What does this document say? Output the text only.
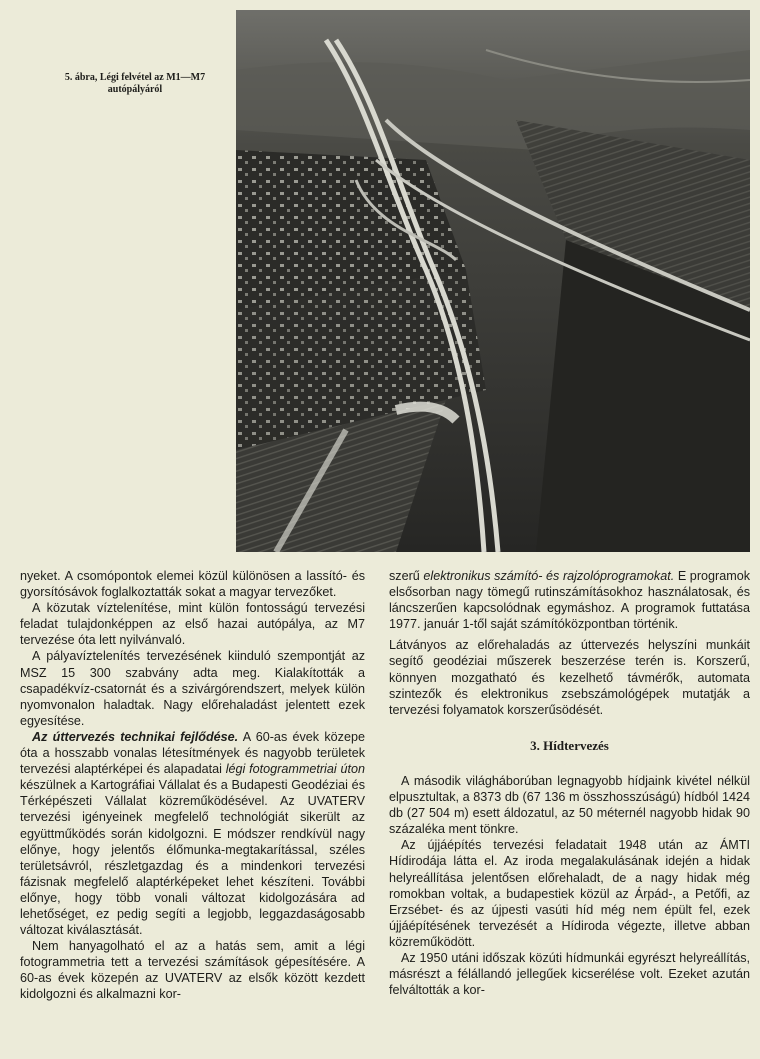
5. ábra, Légi felvétel az M1—M7
autópályáról

nyeket. A csomópontok elemei közül különösen a lassító- és gyorsítósávok foglalkoztatták sokat a magyar tervezőket.

A közutak víztelenítése, mint külön fontosságú tervezési feladat tulajdonképpen az első hazai autópálya, az M7 tervezése óta lett nyilvánvaló.

A pályavíztelenítés tervezésének kiinduló szempontját az MSZ 15 300 szabvány adta meg. Kialakították a csapadékvíz-csatornát és a szivárgórendszert, melyek külön nyomvonalon haladtak. Nagy előrehaladást jelentett ezek egyesítése.

Az úttervezés technikai fejlődése. A 60-as évek közepe óta a hosszabb vonalas létesítmények és nagyobb területek tervezési alaptérképei és alapadatai légi fotogrammetriai úton készülnek a Kartográfiai Vállalat és a Budapesti Geodéziai és Térképészeti Vállalat közreműködésével. Az UVATERV tervezési igényeinek megfelelő technológiát sikerült az együttműködés során kidolgozni. E módszer rendkívül nagy előnye, hogy jelentős élőmunka-megtakarítással, széles területsávról, részletgazdag és a mindenkori tervezési fázisnak megfelelő alaptérképeket lehet készíteni. További előnye, hogy több vonali változat kidolgozására ad lehetőséget, ez pedig segíti a legjobb, leggazdaságosabb változat kiválasztását.

Nem hanyagolható el az a hatás sem, amit a légi fotogrammetria tett a tervezési számítások gépesítésére. A 60-as évek közepén az UVATERV az elsők között kezdett kidolgozni és alkalmazni kor-

szerű elektronikus számító- és rajzolóprogramokat. E programok elsősorban nagy tömegű rutinszámításokhoz használatosak, és láncszerűen kapcsolódnak egymáshoz. A programok futtatása 1977. január 1-től saját számítóközpontban történik.

Látványos az előrehaladás az úttervezés helyszíni munkáit segítő geodéziai műszerek beszerzése terén is. Korszerű, könnyen mozgatható és kezelhető távmérők, automata szintezők és elektronikus zsebszámológépek mutatják a tervezési folyamatok korszerűsödését.

3. Hídtervezés

A második világháborúban legnagyobb hídjaink kivétel nélkül elpusztultak, a 8373 db (67 136 m összhosszúságú) hídból 1424 db (27 504 m) esett áldozatul, az 50 méternél nagyobb hidak 90 százaléka ment tönkre.

Az újjáépítés tervezési feladatait 1948 után az ÁMTI Hídirodája látta el. Az iroda megalakulásának idején a hidak helyreállítása jelentősen előrehaladt, de a nagy hidak még romokban voltak, a budapestiek közül az Árpád-, a Petőfi, az Erzsébet- és az újpesti vasúti híd még nem épült fel, ezek újjáépítésének tervezését a Hídiroda végezte, illetve abban közreműködött.

Az 1950 utáni időszak közúti hídmunkái egyrészt helyreállítás, másrészt a félállandó jellegűek kicserélése volt. Ezeket azután felváltották a kor-
